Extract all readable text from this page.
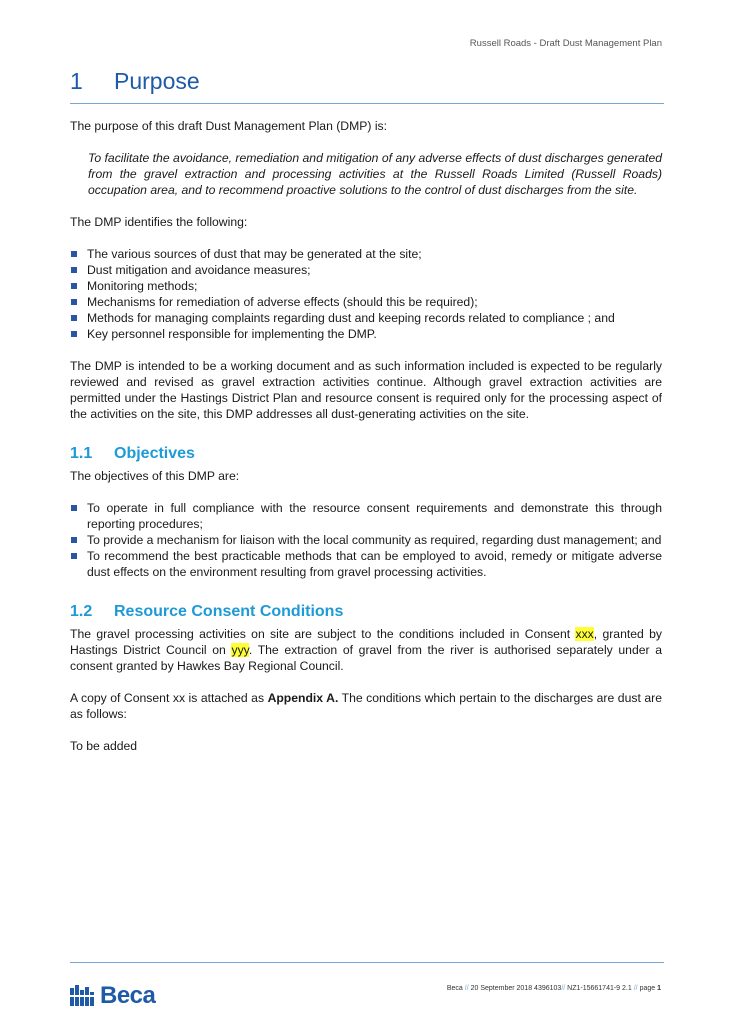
Russell Roads - Draft Dust Management Plan
1 Purpose

The purpose of this draft Dust Management Plan (DMP) is:

To facilitate the avoidance, remediation and mitigation of any adverse effects of dust discharges generated from the gravel extraction and processing activities at the Russell Roads Limited (Russell Roads) occupation area, and to recommend proactive solutions to the control of dust discharges from the site.

The DMP identifies the following:

The various sources of dust that may be generated at the site;
Dust mitigation and avoidance measures;
Monitoring methods;
Mechanisms for remediation of adverse effects (should this be required);
Methods for managing complaints regarding dust and keeping records related to compliance ; and
Key personnel responsible for implementing the DMP.

The DMP is intended to be a working document and as such information included is expected to be regularly reviewed and revised as gravel extraction activities continue. Although gravel extraction activities are permitted under the Hastings District Plan and resource consent is required only for the processing aspect of the activities on the site, this DMP addresses all dust-generating activities on the site.

1.1 Objectives

The objectives of this DMP are:

To operate in full compliance with the resource consent requirements and demonstrate this through reporting procedures;
To provide a mechanism for liaison with the local community as required, regarding dust management; and
To recommend the best practicable methods that can be employed to avoid, remedy or mitigate adverse dust effects on the environment resulting from gravel processing activities.
1.2 Resource Consent Conditions

The gravel processing activities on site are subject to the conditions included in Consent xxx, granted by Hastings District Council on yyy. The extraction of gravel from the river is authorised separately under a consent granted by Hawkes Bay Regional Council.

A copy of Consent xx is attached as Appendix A. The conditions which pertain to the discharges are dust are as follows:

To be added

Beca	Beca // 20 September 2018 4396103// NZ1-15661741-9 2.1 // page 1
